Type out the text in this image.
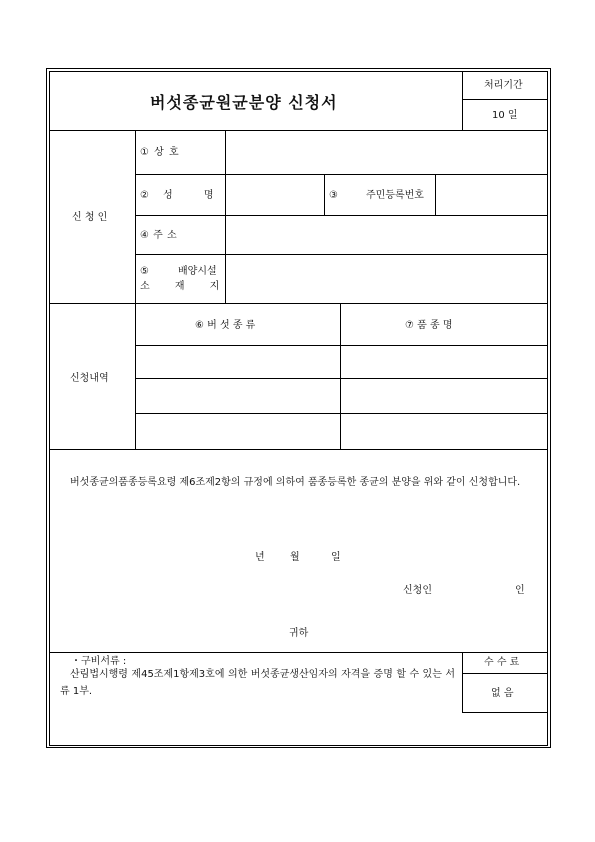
버섯종균원균분양 신청서
처리기간
10 일
신 청 인
① 상 호
② 성 명	③	주민등록번호
④ 주 소
⑤	배양시설
소 재 지
신청내역
⑥ 버 섯 종 류	⑦ 품 종 명
버섯종균의품종등록요령 제6조제2항의 규정에 의하여 품종등록한 종균의 분양을 위와 같이 신청합니다.
년	월	일
신청인	인
귀하
・구비서류 :
산림법시행령 제45조제1항제3호에 의한 버섯종균생산임자의 자격을 증명 할 수 있는 서류 1부.
수 수 료
없 음
